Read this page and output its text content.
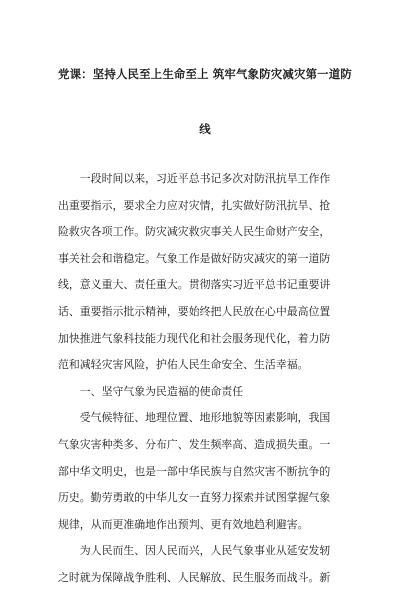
党课：坚持人民至上生命至上 筑牢气象防灾减灾第一道防
线
　　一段时间以来，习近平总书记多次对防汛抗旱工作作
出重要指示，要求全力应对灾情，扎实做好防汛抗旱、抢
险救灾各项工作。防灾减灾救灾事关人民生命财产安全，
事关社会和谐稳定。气象工作是做好防灾减灾的第一道防
线，意义重大、责任重大。贯彻落实习近平总书记重要讲
话、重要指示批示精神，要始终把人民放在心中最高位置
加快推进气象科技能力现代化和社会服务现代化，着力防
范和减轻灾害风险，护佑人民生命安全、生活幸福。
　　一、坚守气象为民造福的使命责任
　　受气候特征、地理位置、地形地貌等因素影响，我国
气象灾害种类多、分布广、发生频率高、造成损失重。一
部中华文明史，也是一部中华民族与自然灾害不断抗争的
历史。勤劳勇敢的中华儿女一直努力探索并试图掌握气象
规律，从而更准确地作出预判、更有效地趋利避害。
　　为人民而生、因人民而兴，人民气象事业从延安发轫
之时就为保障战争胜利、人民解放、民生服务而战斗。新
